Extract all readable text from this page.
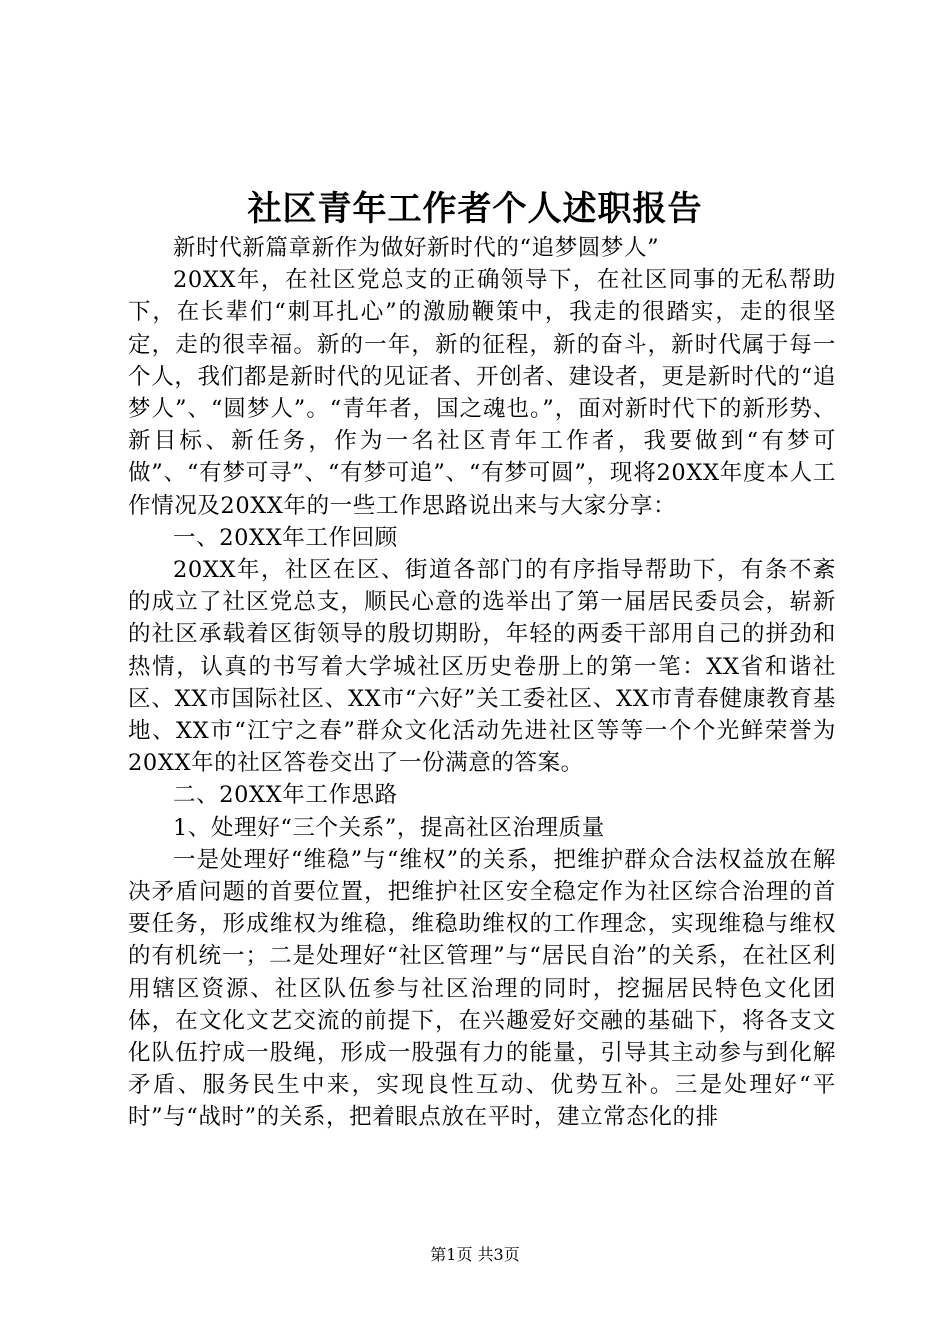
社区青年工作者个人述职报告

新时代新篇章新作为做好新时代的“追梦圆梦人”

20XX年，在社区党总支的正确领导下，在社区同事的无私帮助下，在长辈们“刺耳扎心”的激励鞭策中，我走的很踏实，走的很坚定，走的很幸福。新的一年，新的征程，新的奋斗，新时代属于每一个人，我们都是新时代的见证者、开创者、建设者，更是新时代的“追梦人”、“圆梦人”。“青年者，国之魂也。”，面对新时代下的新形势、新目标、新任务，作为一名社区青年工作者，我要做到“有梦可做”、“有梦可寻”、“有梦可追”、“有梦可圆”，现将20XX年度本人工作情况及20XX年的一些工作思路说出来与大家分享：

一、20XX年工作回顾

20XX年，社区在区、街道各部门的有序指导帮助下，有条不紊的成立了社区党总支，顺民心意的选举出了第一届居民委员会，崭新的社区承载着区街领导的殷切期盼，年轻的两委干部用自己的拼劲和热情，认真的书写着大学城社区历史卷册上的第一笔：XX省和谐社区、XX市国际社区、XX市“六好”关工委社区、XX市青春健康教育基地、XX市“江宁之春”群众文化活动先进社区等等一个个光鲜荣誉为20XX年的社区答卷交出了一份满意的答案。

二、20XX年工作思路

1、处理好“三个关系”，提高社区治理质量

一是处理好“维稳”与“维权”的关系，把维护群众合法权益放在解决矛盾问题的首要位置，把维护社区安全稳定作为社区综合治理的首要任务，形成维权为维稳，维稳助维权的工作理念，实现维稳与维权的有机统一；二是处理好“社区管理”与“居民自治”的关系，在社区利用辖区资源、社区队伍参与社区治理的同时，挖掘居民特色文化团体，在文化文艺交流的前提下，在兴趣爱好交融的基础下，将各支文化队伍拧成一股绳，形成一股强有力的能量，引导其主动参与到化解矛盾、服务民生中来，实现良性互动、优势互补。三是处理好“平时”与“战时”的关系，把着眼点放在平时，建立常态化的排

第1页 共3页
